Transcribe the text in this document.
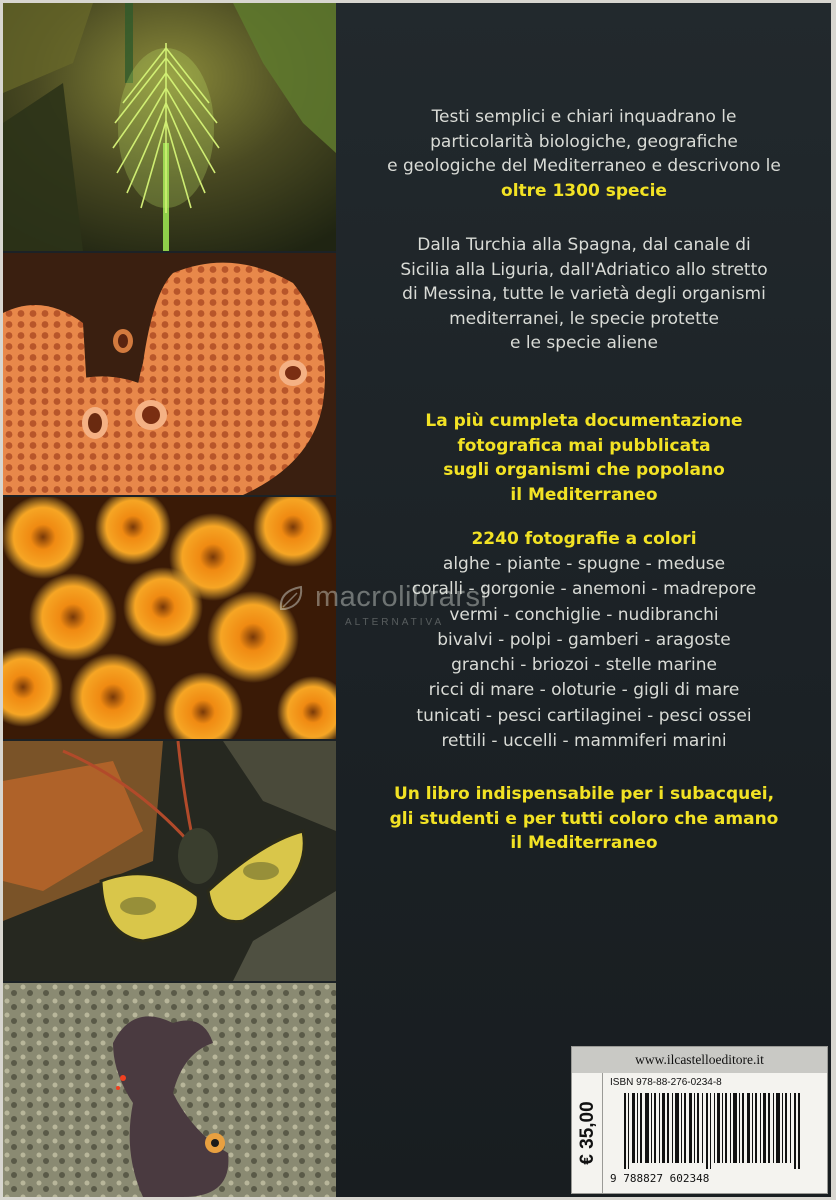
Testi semplici e chiari inquadrano le
particolarità biologiche, geografiche
e geologiche del Mediterraneo e descrivono le
oltre 1300 specie

Dalla Turchia alla Spagna, dal canale di
Sicilia alla Liguria, dall'Adriatico allo stretto
di Messina, tutte le varietà degli organismi
mediterranei, le specie protette
e le specie aliene

La più cumpleta documentazione
fotografica mai pubblicata
sugli organismi che popolano
il Mediterraneo

2240 fotografie a colori

alghe - piante - spugne - meduse
coralli - gorgonie - anemoni - madrepore
vermi - conchiglie - nudibranchi
bivalvi - polpi - gamberi - aragoste
granchi - briozoi - stelle marine
ricci di mare - oloturie - gigli di mare
tunicati - pesci cartilaginei - pesci ossei
rettili - uccelli - mammiferi marini

Un libro indispensabile per i subacquei,
gli studenti e per tutti coloro che amano
il Mediterraneo

macrolibrarsi
ALTERNATIVA
www.ilcastelloeditore.it
€ 35,00
ISBN 978-88-276-0234-8
9 788827 602348
